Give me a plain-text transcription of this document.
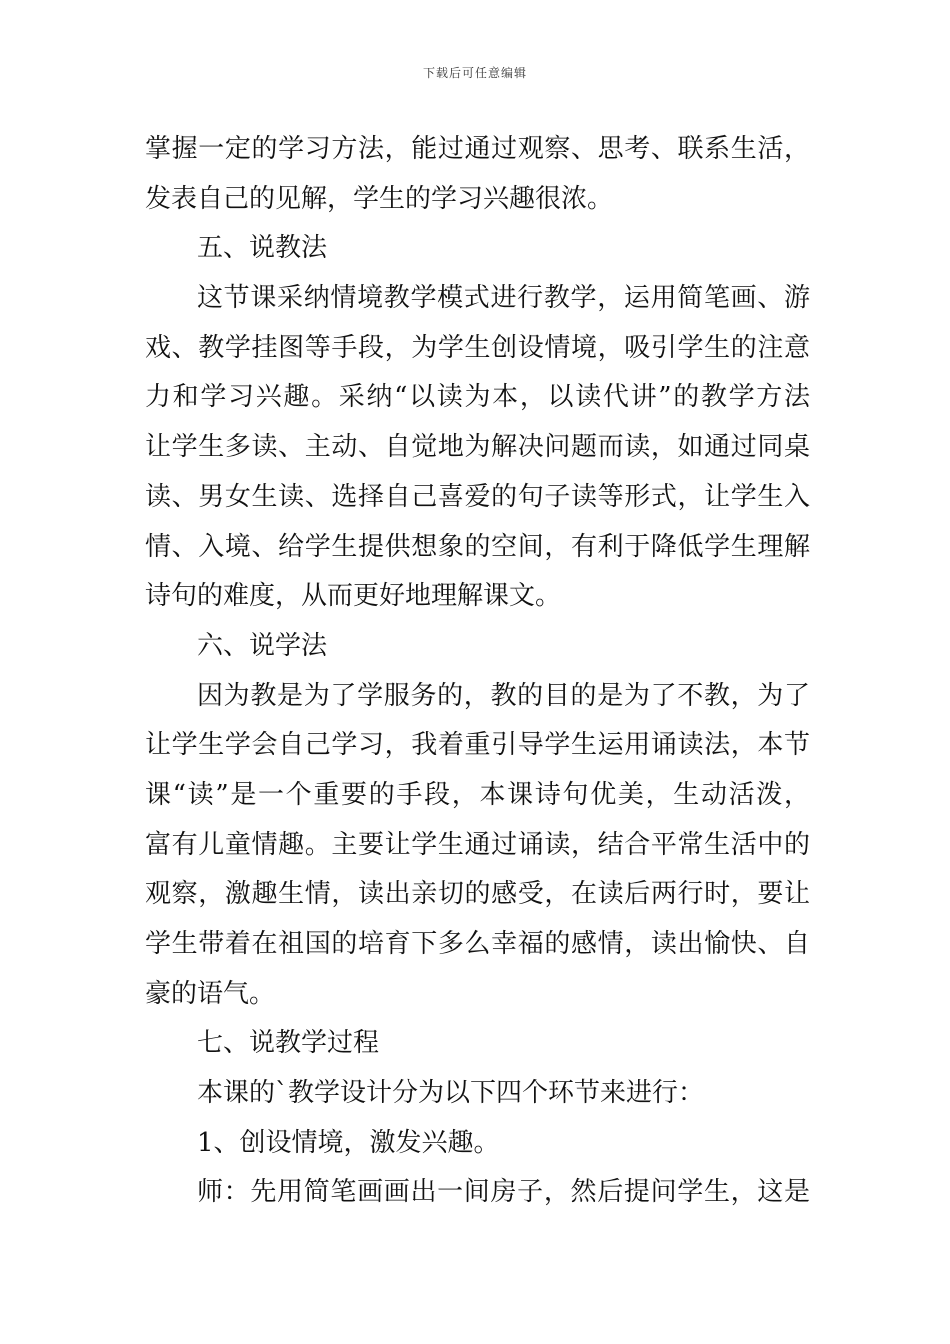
下载后可任意编辑
掌握一定的学习方法，能过通过观察、思考、联系生活，
发表自己的见解，学生的学习兴趣很浓。
五、说教法
这节课采纳情境教学模式进行教学，运用简笔画、游
戏、教学挂图等手段，为学生创设情境，吸引学生的注意
力和学习兴趣。采纳“以读为本，以读代讲”的教学方法
让学生多读、主动、自觉地为解决问题而读，如通过同桌
读、男女生读、选择自己喜爱的句子读等形式，让学生入
情、入境、给学生提供想象的空间，有利于降低学生理解
诗句的难度，从而更好地理解课文。
六、说学法
因为教是为了学服务的，教的目的是为了不教，为了
让学生学会自己学习，我着重引导学生运用诵读法，本节
课“读”是一个重要的手段，本课诗句优美，生动活泼，
富有儿童情趣。主要让学生通过诵读，结合平常生活中的
观察，激趣生情，读出亲切的感受，在读后两行时，要让
学生带着在祖国的培育下多么幸福的感情，读出愉快、自
豪的语气。
七、说教学过程
本课的`教学设计分为以下四个环节来进行：
1、创设情境，激发兴趣。
师：先用简笔画画出一间房子，然后提问学生，这是
